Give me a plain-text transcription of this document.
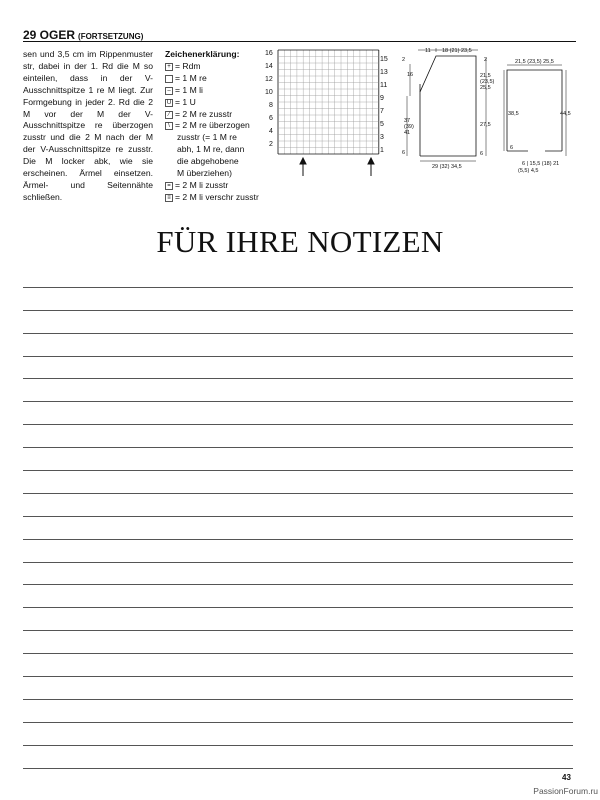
29 OGER (FORTSETZUNG)
sen und 3,5 cm im Rippenmuster str, dabei in der 1. Rd die M so einteilen, dass in der V-Ausschnittspitze 1 re M liegt. Zur Formgebung in jeder 2. Rd die 2 M vor der M der V-Ausschnittspitze re überzogen zusstr und die 2 M nach der M der V-Ausschnittspitze re zusstr. Die M locker abk, wie sie erscheinen. Ärmel einsetzen. Ärmel- und Seitennähte schließen.
Zeichenerklärung:
+ = Rdm
= 1 M re
– = 1 M li
U = 1 U
⁄ = 2 M re zusstr
\ = 2 M re überzogen
zusstr (= 1 M re
abh, 1 M re, dann
die abgehobene
M überziehen)
= = 2 M li zusstr
≡ = 2 M li verschr zusstr
16
14
12
10
8
6
4
2
15
13
11
9
7
5
3
1
11 18 (21) 23,5
2	2
16	21,5
(23,5)
25,5
37
(39)
41
27,5
6	6
29 (32) 34,5
21,5 (23,5) 25,5
38,5	44,5
6
6 | 15,5 (18) 21
(5,5) 4,5
FÜR IHRE NOTIZEN
43
PassionForum.ru
